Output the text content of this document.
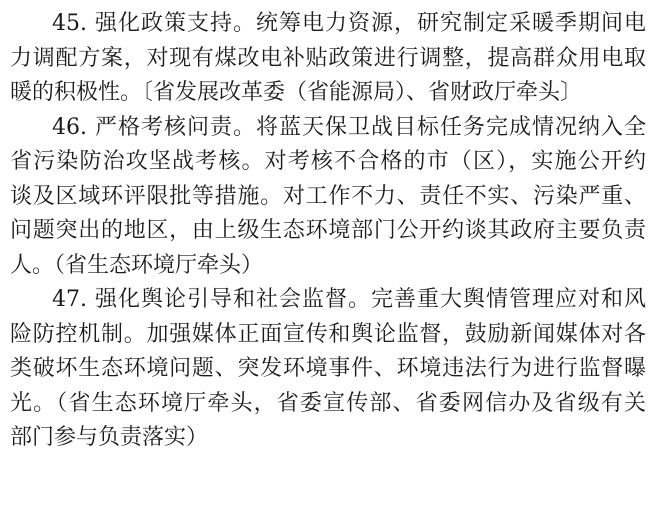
45. 强化政策支持。统筹电力资源，研究制定采暖季期间电
力调配方案，对现有煤改电补贴政策进行调整，提高群众用电取
暖的积极性。〔省发展改革委（省能源局）、省财政厅牵头〕
46. 严格考核问责。将蓝天保卫战目标任务完成情况纳入全
省污染防治攻坚战考核。对考核不合格的市（区），实施公开约
谈及区域环评限批等措施。对工作不力、责任不实、污染严重、
问题突出的地区，由上级生态环境部门公开约谈其政府主要负责
人。（省生态环境厅牵头）
47. 强化舆论引导和社会监督。完善重大舆情管理应对和风
险防控机制。加强媒体正面宣传和舆论监督，鼓励新闻媒体对各
类破坏生态环境问题、突发环境事件、环境违法行为进行监督曝
光。（省生态环境厅牵头，省委宣传部、省委网信办及省级有关
部门参与负责落实）
